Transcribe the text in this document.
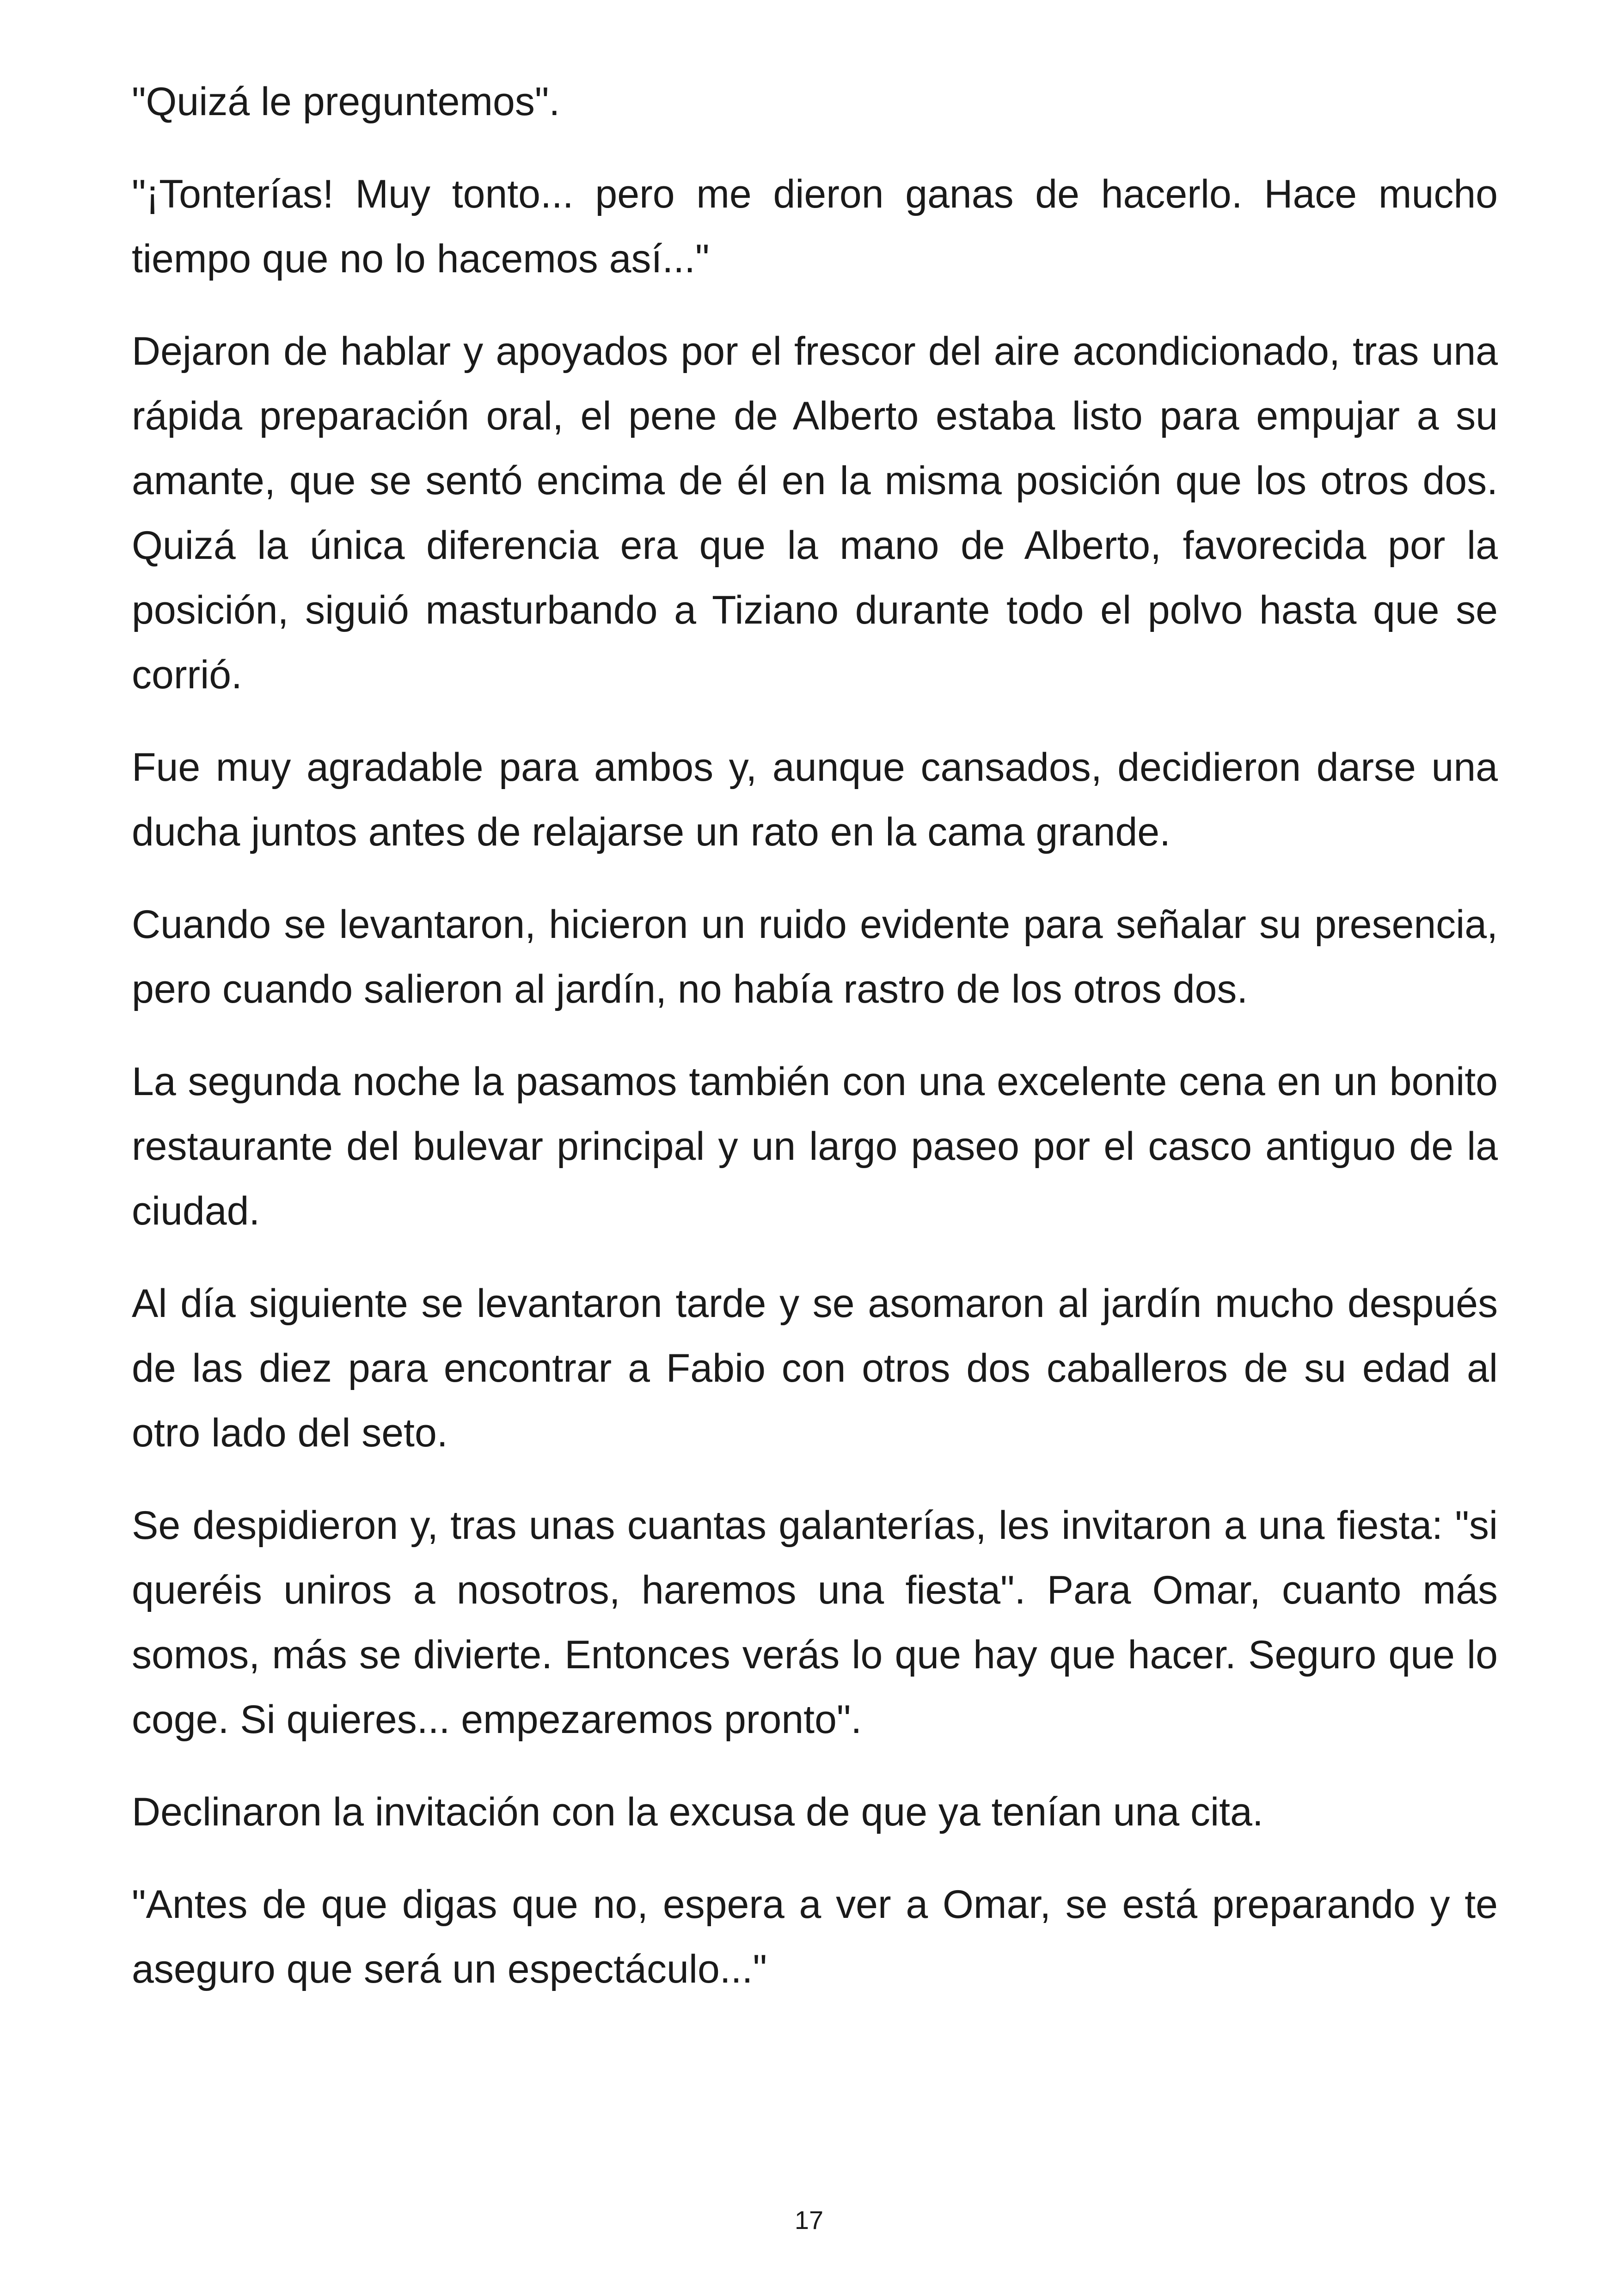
"Quizá le preguntemos".

"¡Tonterías! Muy tonto... pero me dieron ganas de hacerlo. Hace mucho tiempo que no lo hacemos así..."

Dejaron de hablar y apoyados por el frescor del aire acondicionado, tras una rápida preparación oral, el pene de Alberto estaba listo para empujar a su amante, que se sentó encima de él en la misma posición que los otros dos. Quizá la única diferencia era que la mano de Alberto, favorecida por la posición, siguió masturbando a Tiziano durante todo el polvo hasta que se corrió.

Fue muy agradable para ambos y, aunque cansados, decidieron darse una ducha juntos antes de relajarse un rato en la cama grande.

Cuando se levantaron, hicieron un ruido evidente para señalar su presencia, pero cuando salieron al jardín, no había rastro de los otros dos.

La segunda noche la pasamos también con una excelente cena en un bonito restaurante del bulevar principal y un largo paseo por el casco antiguo de la ciudad.

Al día siguiente se levantaron tarde y se asomaron al jardín mucho después de las diez para encontrar a Fabio con otros dos caballeros de su edad al otro lado del seto.

Se despidieron y, tras unas cuantas galanterías, les invitaron a una fiesta: "si queréis uniros a nosotros, haremos una fiesta". Para Omar, cuanto más somos, más se divierte. Entonces verás lo que hay que hacer. Seguro que lo coge. Si quieres... empezaremos pronto".

Declinaron la invitación con la excusa de que ya tenían una cita.

"Antes de que digas que no, espera a ver a Omar, se está preparando y te aseguro que será un espectáculo..."

17
